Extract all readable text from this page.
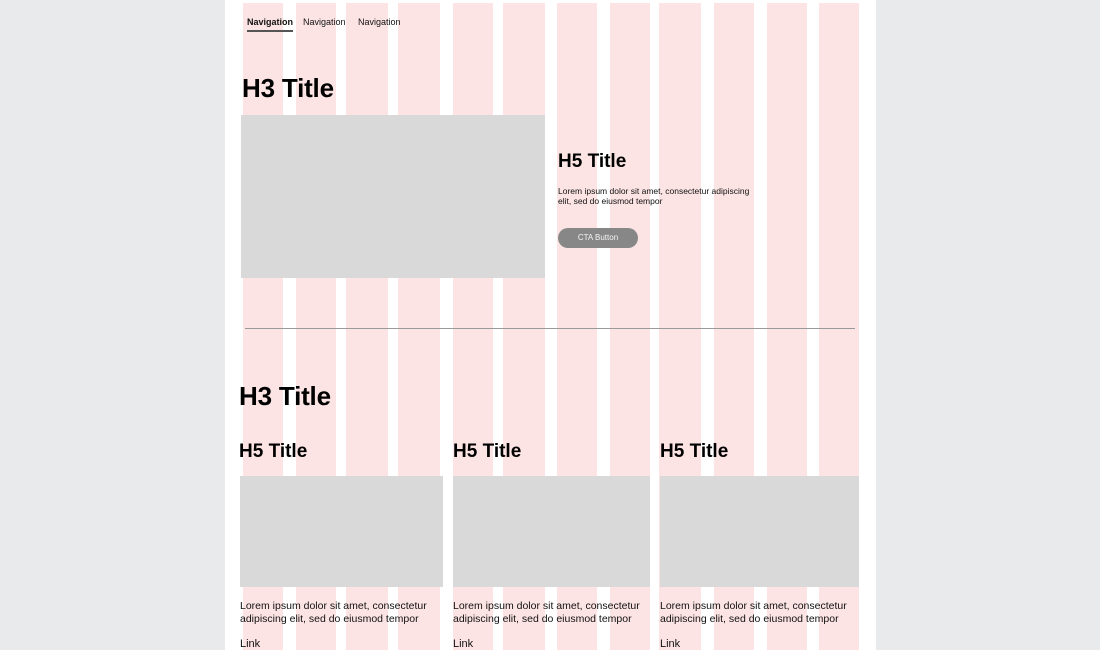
Navigation Navigation Navigation
H3 Title
H5 Title
Lorem ipsum dolor sit amet, consectetur adipiscing elit, sed do eiusmod tempor
CTA Button
H3 Title
H5 Title
Lorem ipsum dolor sit amet, consectetur adipiscing elit, sed do eiusmod tempor
Link
H5 Title
Lorem ipsum dolor sit amet, consectetur adipiscing elit, sed do eiusmod tempor
Link
H5 Title
Lorem ipsum dolor sit amet, consectetur adipiscing elit, sed do eiusmod tempor
Link
